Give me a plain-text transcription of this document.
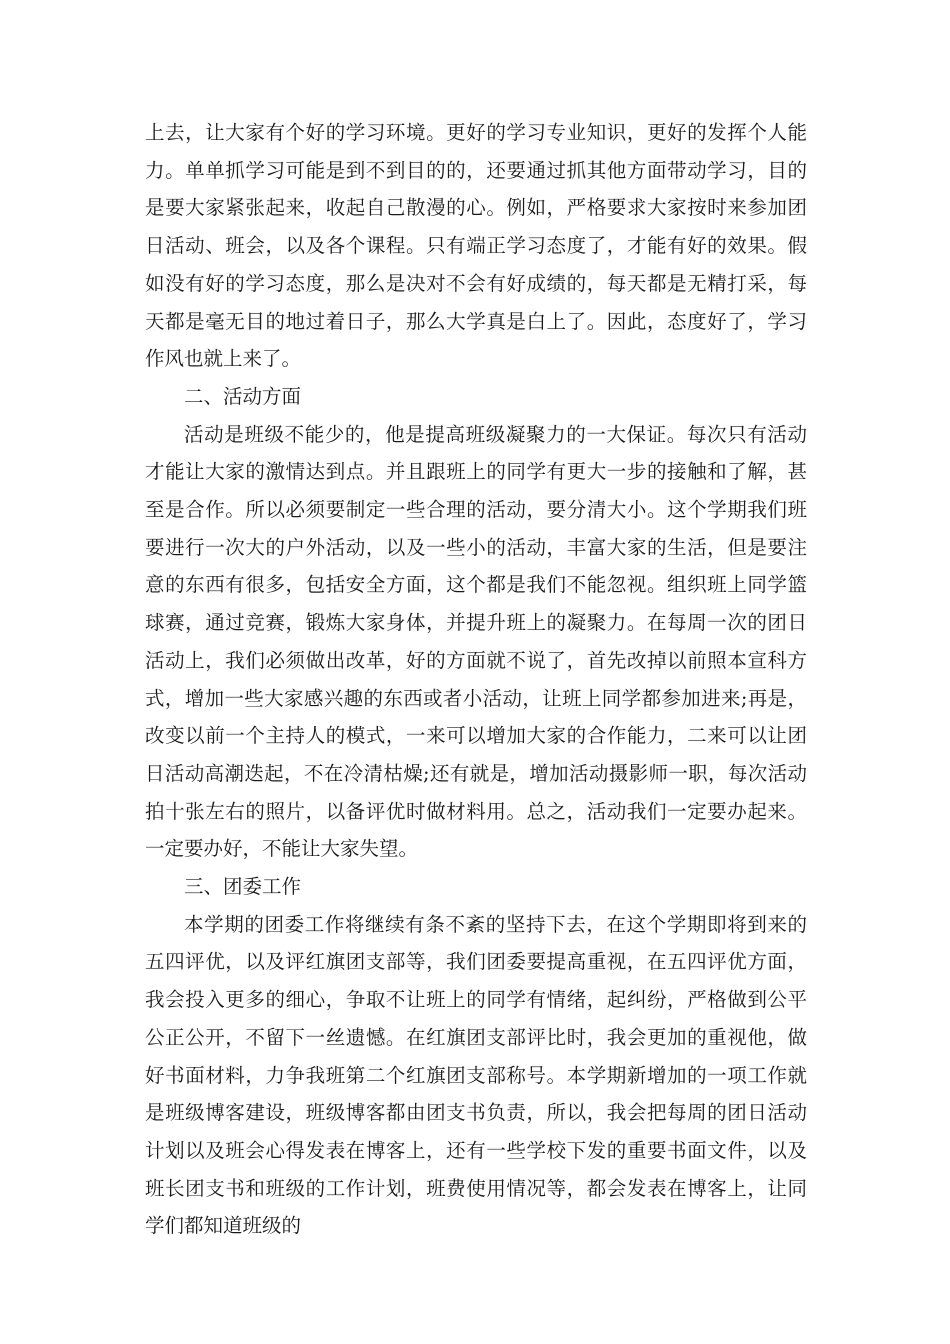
上去，让大家有个好的学习环境。更好的学习专业知识，更好的发挥个人能力。单单抓学习可能是到不到目的的，还要通过抓其他方面带动学习，目的是要大家紧张起来，收起自己散漫的心。例如，严格要求大家按时来参加团日活动、班会，以及各个课程。只有端正学习态度了，才能有好的效果。假如没有好的学习态度，那么是决对不会有好成绩的，每天都是无精打采，每天都是毫无目的地过着日子，那么大学真是白上了。因此，态度好了，学习作风也就上来了。

二、活动方面

活动是班级不能少的，他是提高班级凝聚力的一大保证。每次只有活动才能让大家的激情达到点。并且跟班上的同学有更大一步的接触和了解，甚至是合作。所以必须要制定一些合理的活动，要分清大小。这个学期我们班要进行一次大的户外活动，以及一些小的活动，丰富大家的生活，但是要注意的东西有很多，包括安全方面，这个都是我们不能忽视。组织班上同学篮球赛，通过竞赛，锻炼大家身体，并提升班上的凝聚力。在每周一次的团日活动上，我们必须做出改革，好的方面就不说了，首先改掉以前照本宣科方式，增加一些大家感兴趣的东西或者小活动，让班上同学都参加进来;再是，改变以前一个主持人的模式，一来可以增加大家的合作能力，二来可以让团日活动高潮迭起，不在冷清枯燥;还有就是，增加活动摄影师一职，每次活动拍十张左右的照片，以备评优时做材料用。总之，活动我们一定要办起来。一定要办好，不能让大家失望。

三、团委工作

本学期的团委工作将继续有条不紊的坚持下去，在这个学期即将到来的五四评优，以及评红旗团支部等，我们团委要提高重视，在五四评优方面，我会投入更多的细心，争取不让班上的同学有情绪，起纠纷，严格做到公平公正公开，不留下一丝遗憾。在红旗团支部评比时，我会更加的重视他，做好书面材料，力争我班第二个红旗团支部称号。本学期新增加的一项工作就是班级博客建设，班级博客都由团支书负责，所以，我会把每周的团日活动计划以及班会心得发表在博客上，还有一些学校下发的重要书面文件，以及班长团支书和班级的工作计划，班费使用情况等，都会发表在博客上，让同学们都知道班级的
